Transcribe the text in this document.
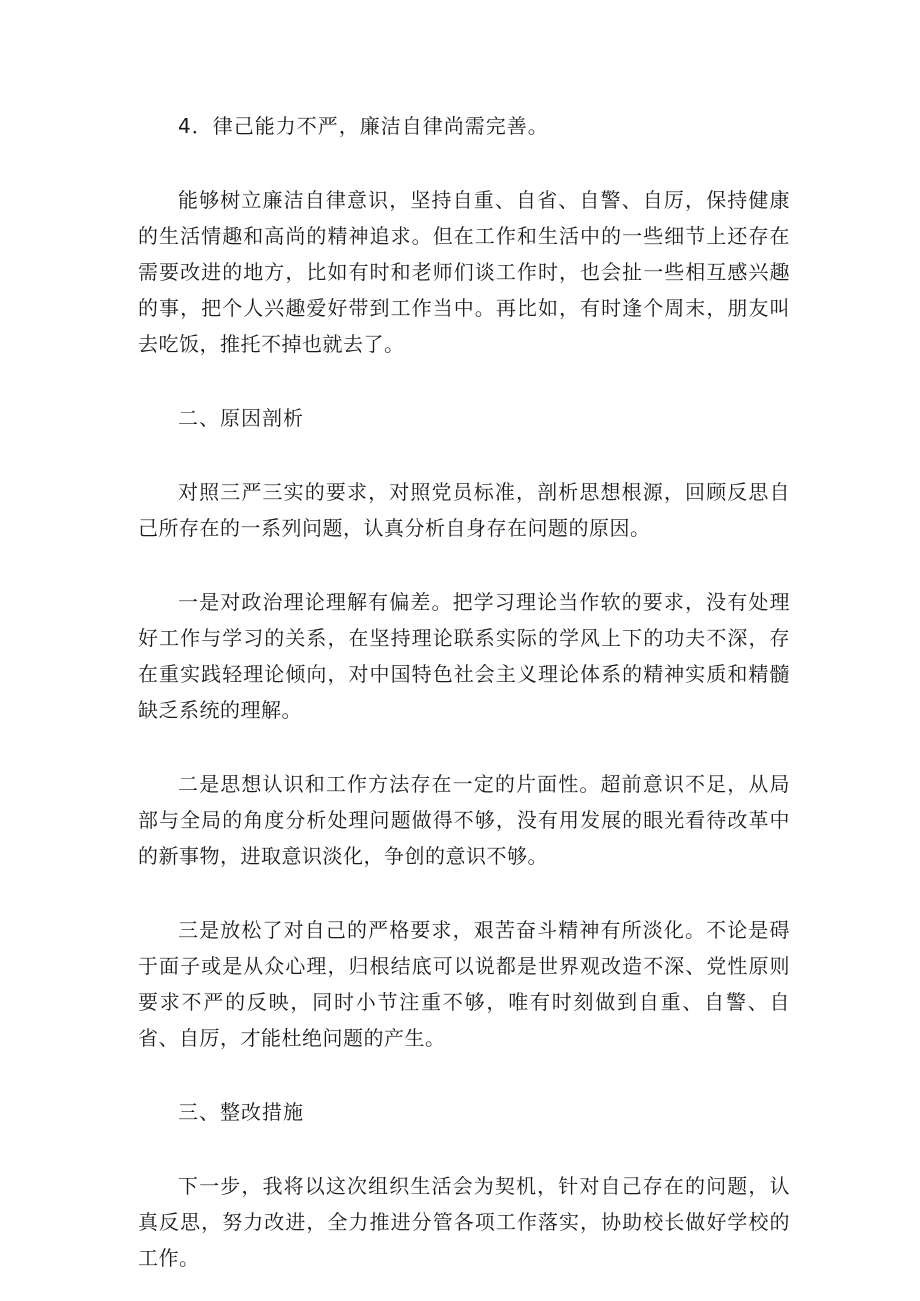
4．律己能力不严，廉洁自律尚需完善。

能够树立廉洁自律意识，坚持自重、自省、自警、自厉，保持健康的生活情趣和高尚的精神追求。但在工作和生活中的一些细节上还存在需要改进的地方，比如有时和老师们谈工作时，也会扯一些相互感兴趣的事，把个人兴趣爱好带到工作当中。再比如，有时逢个周末，朋友叫去吃饭，推托不掉也就去了。

二、原因剖析

对照三严三实的要求，对照党员标准，剖析思想根源，回顾反思自己所存在的一系列问题，认真分析自身存在问题的原因。

一是对政治理论理解有偏差。把学习理论当作软的要求，没有处理好工作与学习的关系，在坚持理论联系实际的学风上下的功夫不深，存在重实践轻理论倾向，对中国特色社会主义理论体系的精神实质和精髓缺乏系统的理解。

二是思想认识和工作方法存在一定的片面性。超前意识不足，从局部与全局的角度分析处理问题做得不够，没有用发展的眼光看待改革中的新事物，进取意识淡化，争创的意识不够。

三是放松了对自己的严格要求，艰苦奋斗精神有所淡化。不论是碍于面子或是从众心理，归根结底可以说都是世界观改造不深、党性原则要求不严的反映，同时小节注重不够，唯有时刻做到自重、自警、自省、自厉，才能杜绝问题的产生。

三、整改措施

下一步，我将以这次组织生活会为契机，针对自己存在的问题，认真反思，努力改进，全力推进分管各项工作落实，协助校长做好学校的工作。
